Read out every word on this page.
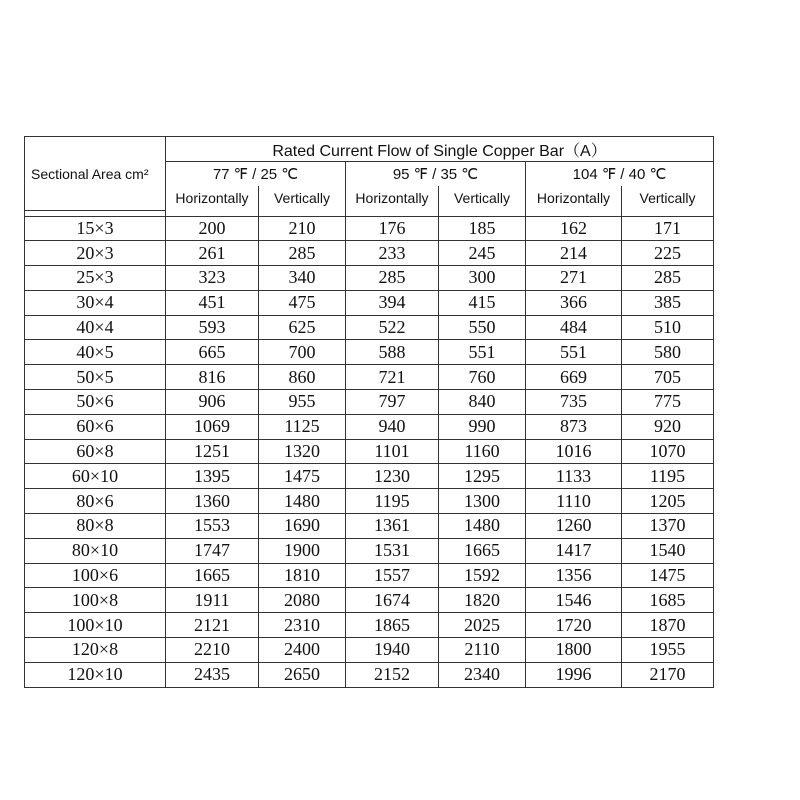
	Rated Current Flow of Single Copper Bar（A）					
Sectional Area cm²	77 ℉ / 25 ℃		95 ℉ / 35 ℃		104 ℉ / 40 ℃	
	Horizontally	Vertically	Horizontally	Vertically	Horizontally	Vertically

15×3	200	210	176	185	162	171
20×3	261	285	233	245	214	225
25×3	323	340	285	300	271	285
30×4	451	475	394	415	366	385
40×4	593	625	522	550	484	510
40×5	665	700	588	551	551	580
50×5	816	860	721	760	669	705
50×6	906	955	797	840	735	775
60×6	1069	1125	940	990	873	920
60×8	1251	1320	1101	1160	1016	1070
60×10	1395	1475	1230	1295	1133	1195
80×6	1360	1480	1195	1300	1110	1205
80×8	1553	1690	1361	1480	1260	1370
80×10	1747	1900	1531	1665	1417	1540
100×6	1665	1810	1557	1592	1356	1475
100×8	1911	2080	1674	1820	1546	1685
100×10	2121	2310	1865	2025	1720	1870
120×8	2210	2400	1940	2110	1800	1955
120×10	2435	2650	2152	2340	1996	2170
